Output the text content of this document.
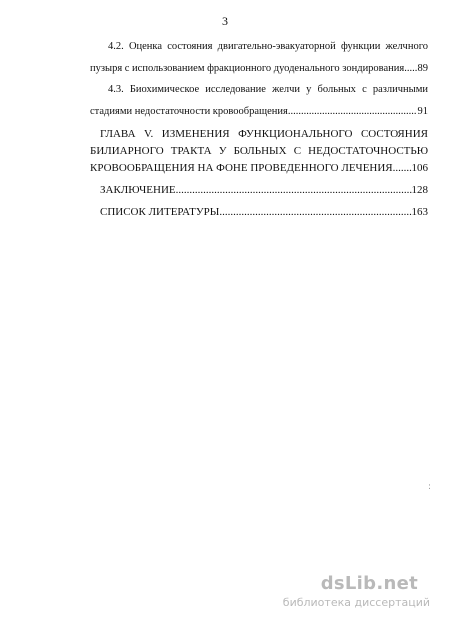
3
4.2. Оценка состояния двигательно-эвакуаторной функции желчного
пузыря с использованием фракционного дуоденального зондирования ..... 89
4.3. Биохимическое исследование желчи у больных с различными
стадиями недостаточности кровообращения. .....	91
ГЛАВА V. ИЗМЕНЕНИЯ ФУНКЦИОНАЛЬНОГО СОСТОЯНИЯ
БИЛИАРНОГО ТРАКТА У БОЛЬНЫХ С НЕДОСТАТОЧНОСТЬЮ
КРОВООБРАЩЕНИЯ НА ФОНЕ ПРОВЕДЕННОГО ЛЕЧЕНИЯ ..... 106
ЗАКЛЮЧЕНИЕ. .....	128
СПИСОК ЛИТЕРАТУРЫ .....	163
:
dsLib.net
библиотека диссертаций
